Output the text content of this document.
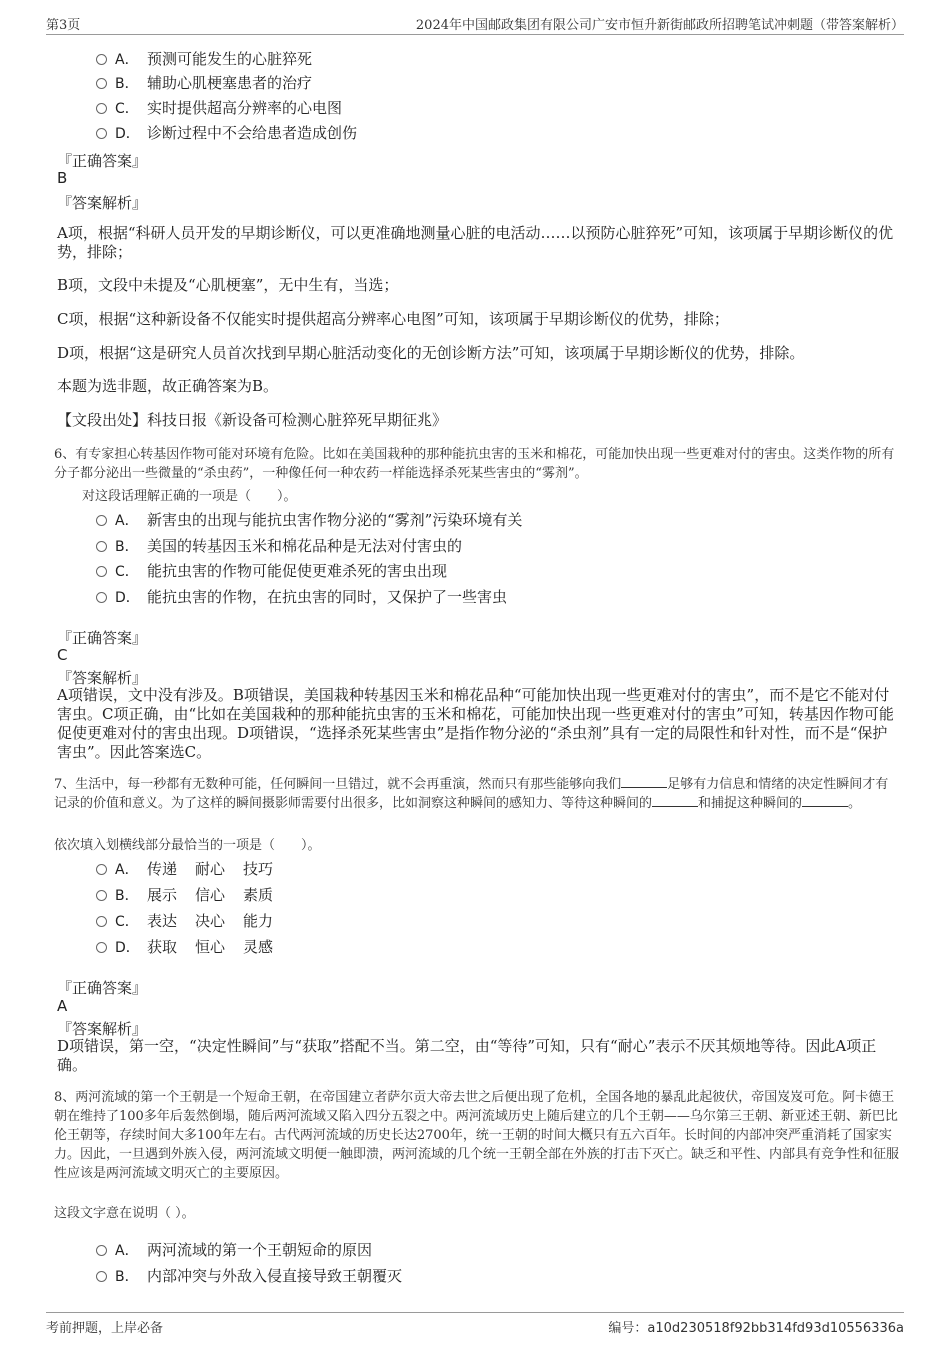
第3页	2024年中国邮政集团有限公司广安市恒升新街邮政所招聘笔试冲刺题（带答案解析）
A． 预测可能发生的心脏猝死
B． 辅助心肌梗塞患者的治疗
C． 实时提供超高分辨率的心电图
D． 诊断过程中不会给患者造成创伤
『正确答案』
B
『答案解析』
A项，根据“科研人员开发的早期诊断仪，可以更准确地测量心脏的电活动……以预防心脏猝死”可知，该项属于早期诊断仪的优势，排除；
B项，文段中未提及“心肌梗塞”，无中生有，当选；
C项，根据“这种新设备不仅能实时提供超高分辨率心电图”可知，该项属于早期诊断仪的优势，排除；
D项，根据“这是研究人员首次找到早期心脏活动变化的无创诊断方法”可知，该项属于早期诊断仪的优势，排除。
本题为选非题，故正确答案为B。
【文段出处】科技日报《新设备可检测心脏猝死早期征兆》
6、有专家担心转基因作物可能对环境有危险。比如在美国栽种的那种能抗虫害的玉米和棉花，可能加快出现一些更难对付的害虫。这类作物的所有分子都分泌出一些微量的“杀虫药”，一种像任何一种农药一样能选择杀死某些害虫的“雾剂”。
对这段话理解正确的一项是（　　）。
A． 新害虫的出现与能抗虫害作物分泌的“雾剂”污染环境有关
B． 美国的转基因玉米和棉花品种是无法对付害虫的
C． 能抗虫害的作物可能促使更难杀死的害虫出现
D． 能抗虫害的作物，在抗虫害的同时，又保护了一些害虫
『正确答案』
C
『答案解析』
A项错误，文中没有涉及。B项错误，美国栽种转基因玉米和棉花品种“可能加快出现一些更难对付的害虫”，而不是它不能对付害虫。C项正确，由“比如在美国栽种的那种能抗虫害的玉米和棉花，可能加快出现一些更难对付的害虫”可知，转基因作物可能促使更难对付的害虫出现。D项错误，“选择杀死某些害虫”是指作物分泌的“杀虫剂”具有一定的局限性和针对性，而不是“保护害虫”。因此答案选C。
7、生活中，每一秒都有无数种可能，任何瞬间一旦错过，就不会再重演，然而只有那些能够向我们	足够有力信息和情绪的决定性瞬间才有记录的价值和意义。为了这样的瞬间摄影师需要付出很多，比如洞察这种瞬间的感知力、等待这种瞬间的	和捕捉这种瞬间的	。
依次填入划横线部分最恰当的一项是（　　）。
A． 传递 耐心 技巧
B． 展示 信心 素质
C． 表达 决心 能力
D． 获取 恒心 灵感
『正确答案』
A
『答案解析』
D项错误，第一空，“决定性瞬间”与“获取”搭配不当。第二空，由“等待”可知，只有“耐心”表示不厌其烦地等待。因此A项正确。
8、两河流域的第一个王朝是一个短命王朝，在帝国建立者萨尔贡大帝去世之后便出现了危机，全国各地的暴乱此起彼伏，帝国岌岌可危。阿卡德王朝在维持了100多年后轰然倒塌，随后两河流域又陷入四分五裂之中。两河流域历史上随后建立的几个王朝——乌尔第三王朝、新亚述王朝、新巴比伦王朝等，存续时间大多100年左右。古代两河流域的历史长达2700年，统一王朝的时间大概只有五六百年。长时间的内部冲突严重消耗了国家实力。因此，一旦遇到外族入侵，两河流域文明便一触即溃，两河流域的几个统一王朝全部在外族的打击下灭亡。缺乏和平性、内部具有竞争性和征服性应该是两河流域文明灭亡的主要原因。
这段文字意在说明（ ）。
A． 两河流域的第一个王朝短命的原因
B． 内部冲突与外敌入侵直接导致王朝覆灭
考前押题，上岸必备	编号：a10d230518f92bb314fd93d10556336a
